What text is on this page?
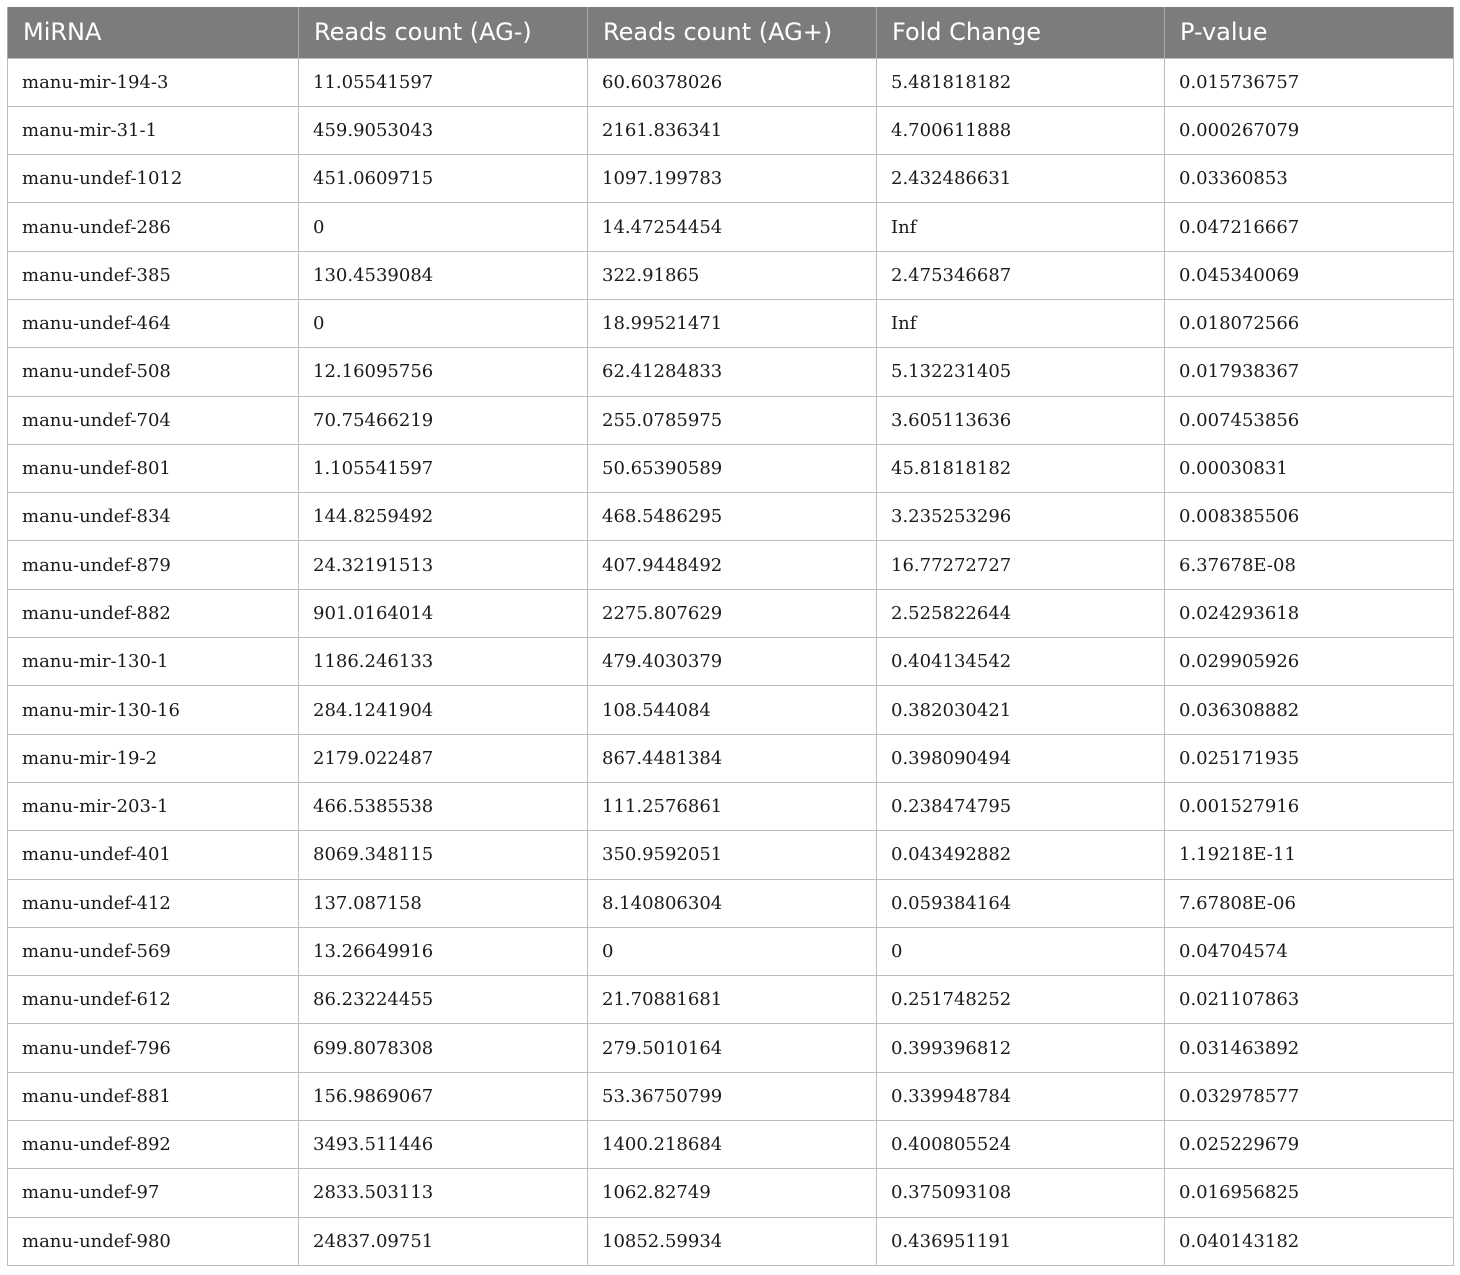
MiRNA	Reads count (AG-)	Reads count (AG+)	Fold Change	P-value
manu-mir-194-3	11.05541597	60.60378026	5.481818182	0.015736757
manu-mir-31-1	459.9053043	2161.836341	4.700611888	0.000267079
manu-undef-1012	451.0609715	1097.199783	2.432486631	0.03360853
manu-undef-286	0	14.47254454	Inf	0.047216667
manu-undef-385	130.4539084	322.91865	2.475346687	0.045340069
manu-undef-464	0	18.99521471	Inf	0.018072566
manu-undef-508	12.16095756	62.41284833	5.132231405	0.017938367
manu-undef-704	70.75466219	255.0785975	3.605113636	0.007453856
manu-undef-801	1.105541597	50.65390589	45.81818182	0.00030831
manu-undef-834	144.8259492	468.5486295	3.235253296	0.008385506
manu-undef-879	24.32191513	407.9448492	16.77272727	6.37678E-08
manu-undef-882	901.0164014	2275.807629	2.525822644	0.024293618
manu-mir-130-1	1186.246133	479.4030379	0.404134542	0.029905926
manu-mir-130-16	284.1241904	108.544084	0.382030421	0.036308882
manu-mir-19-2	2179.022487	867.4481384	0.398090494	0.025171935
manu-mir-203-1	466.5385538	111.2576861	0.238474795	0.001527916
manu-undef-401	8069.348115	350.9592051	0.043492882	1.19218E-11
manu-undef-412	137.087158	8.140806304	0.059384164	7.67808E-06
manu-undef-569	13.26649916	0	0	0.04704574
manu-undef-612	86.23224455	21.70881681	0.251748252	0.021107863
manu-undef-796	699.8078308	279.5010164	0.399396812	0.031463892
manu-undef-881	156.9869067	53.36750799	0.339948784	0.032978577
manu-undef-892	3493.511446	1400.218684	0.400805524	0.025229679
manu-undef-97	2833.503113	1062.82749	0.375093108	0.016956825
manu-undef-980	24837.09751	10852.59934	0.436951191	0.040143182
